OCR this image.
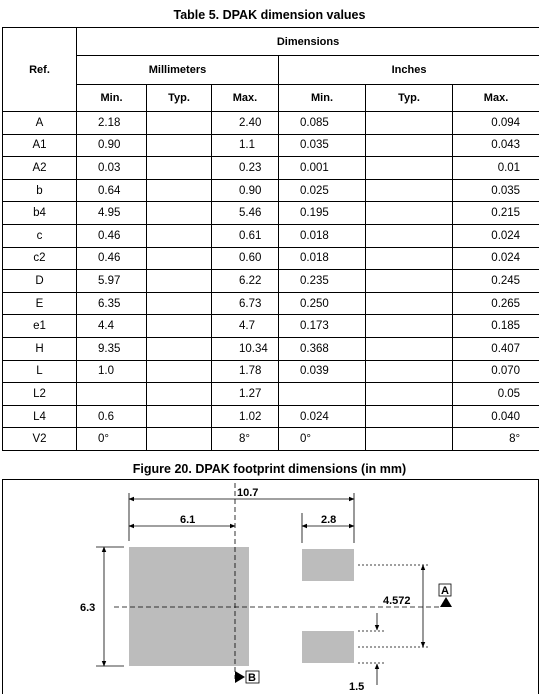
Table 5. DPAK dimension values
Ref.	Dimensions					
	Millimeters			Inches		
	Min.	Typ.	Max.	Min.	Typ.	Max.
A	2.18		2.40	0.085		0.094
A1	0.90		1.1	0.035		0.043
A2	0.03		0.23	0.001		0.01
b	0.64		0.90	0.025		0.035
b4	4.95		5.46	0.195		0.215
c	0.46		0.61	0.018		0.024
c2	0.46		0.60	0.018		0.024
D	5.97		6.22	0.235		0.245
E	6.35		6.73	0.250		0.265
e1	4.4		4.7	0.173		0.185
H	9.35		10.34	0.368		0.407
L	1.0		1.78	0.039		0.070
L2			1.27			0.05
L4	0.6		1.02	0.024		0.040
V2	0°		8°	0°		8°
Figure 20. DPAK footprint dimensions (in mm)
10.7
6.1	2.8
6.3
4.572
1.5
A
B
